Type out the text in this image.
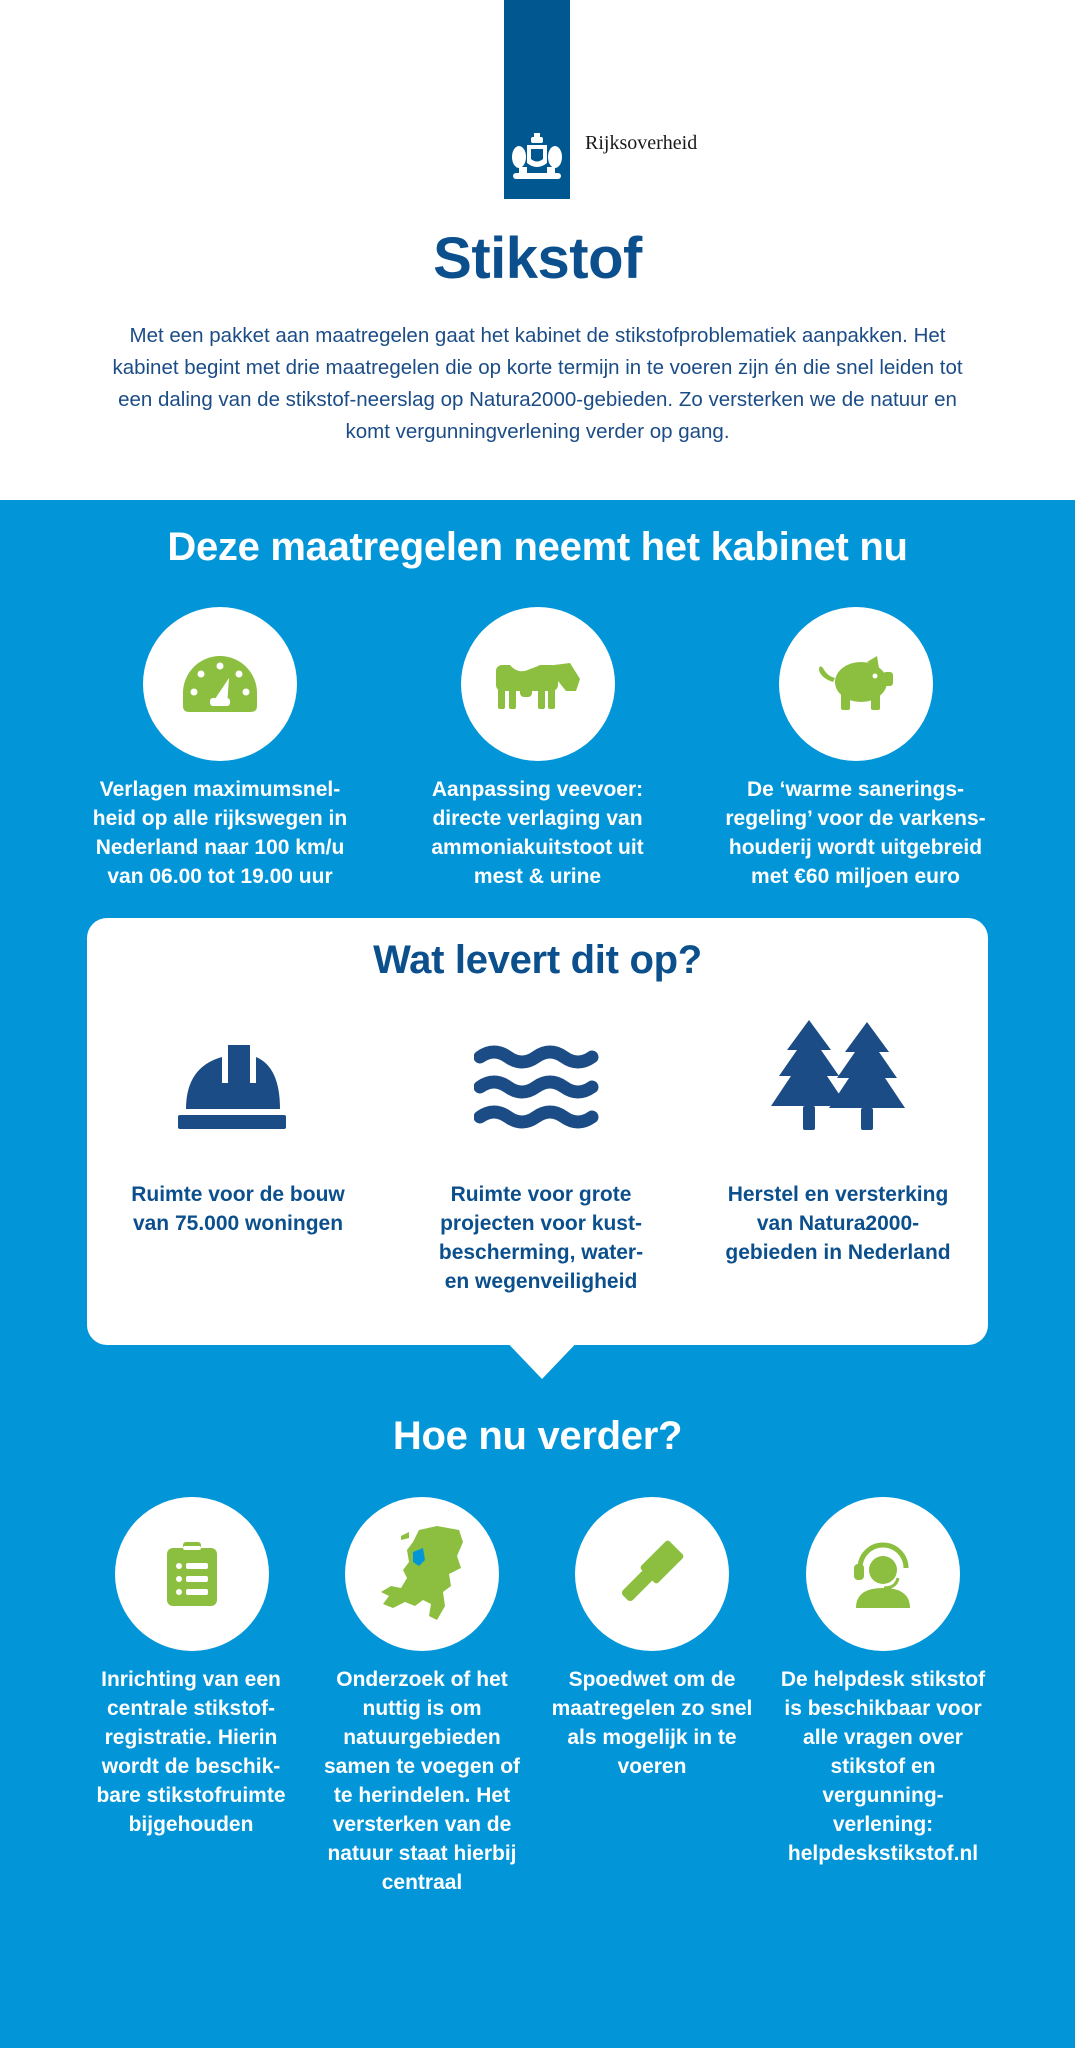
Rijksoverheid
Stikstof
Met een pakket aan maatregelen gaat het kabinet de stikstofproblematiek aanpakken. Het kabinet begint met drie maatregelen die op korte termijn in te voeren zijn én die snel leiden tot een daling van de stikstof-neerslag op Natura2000-gebieden. Zo versterken we de natuur en komt vergunningverlening verder op gang.
Deze maatregelen neemt het kabinet nu
Verlagen maximumsnel-heid op alle rijkswegen in Nederland naar 100 km/u van 06.00 tot 19.00 uur
Aanpassing veevoer: directe verlaging van ammoniakuitstoot uit mest & urine
De ‘warme sanerings-regeling’ voor de varkens-houderij wordt uitgebreid met €60 miljoen euro
Wat levert dit op?
Ruimte voor de bouw van 75.000 woningen
Ruimte voor grote projecten voor kust-bescherming, water-en wegenveiligheid
Herstel en versterking van Natura2000-gebieden in Nederland
Hoe nu verder?
Inrichting van een centrale stikstof-registratie. Hierin wordt de beschik-bare stikstofruimte bijgehouden
Onderzoek of het nuttig is om natuurgebieden samen te voegen of te herindelen. Het versterken van de natuur staat hierbij centraal
Spoedwet om de maatregelen zo snel als mogelijk in te voeren
De helpdesk stikstof is beschikbaar voor alle vragen over stikstof en vergunning-verlening: helpdeskstikstof.nl
